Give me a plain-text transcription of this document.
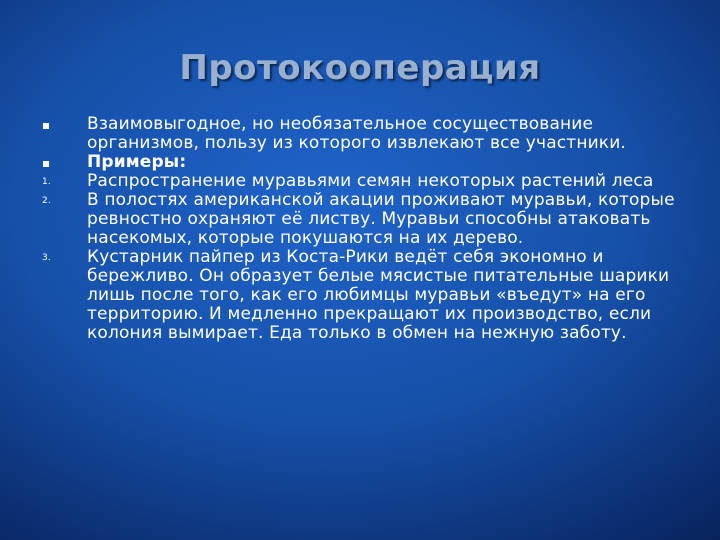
Протокооперация

Взаимовыгодное, но необязательное сосуществование организмов, пользу из которого извлекают все участники.

Примеры:

1. Распространение муравьями семян некоторых растений леса

2. В полостях американской акации проживают муравьи, которые ревностно охраняют её листву. Муравьи способны атаковать насекомых, которые покушаются на их дерево.

3. Кустарник пайпер из Коста-Рики ведёт себя экономно и бережливо. Он образует белые мясистые питательные шарики лишь после того, как его любимцы муравьи «въедут» на его территорию. И медленно прекращают их производство, если колония вымирает. Еда только в обмен на нежную заботу.
